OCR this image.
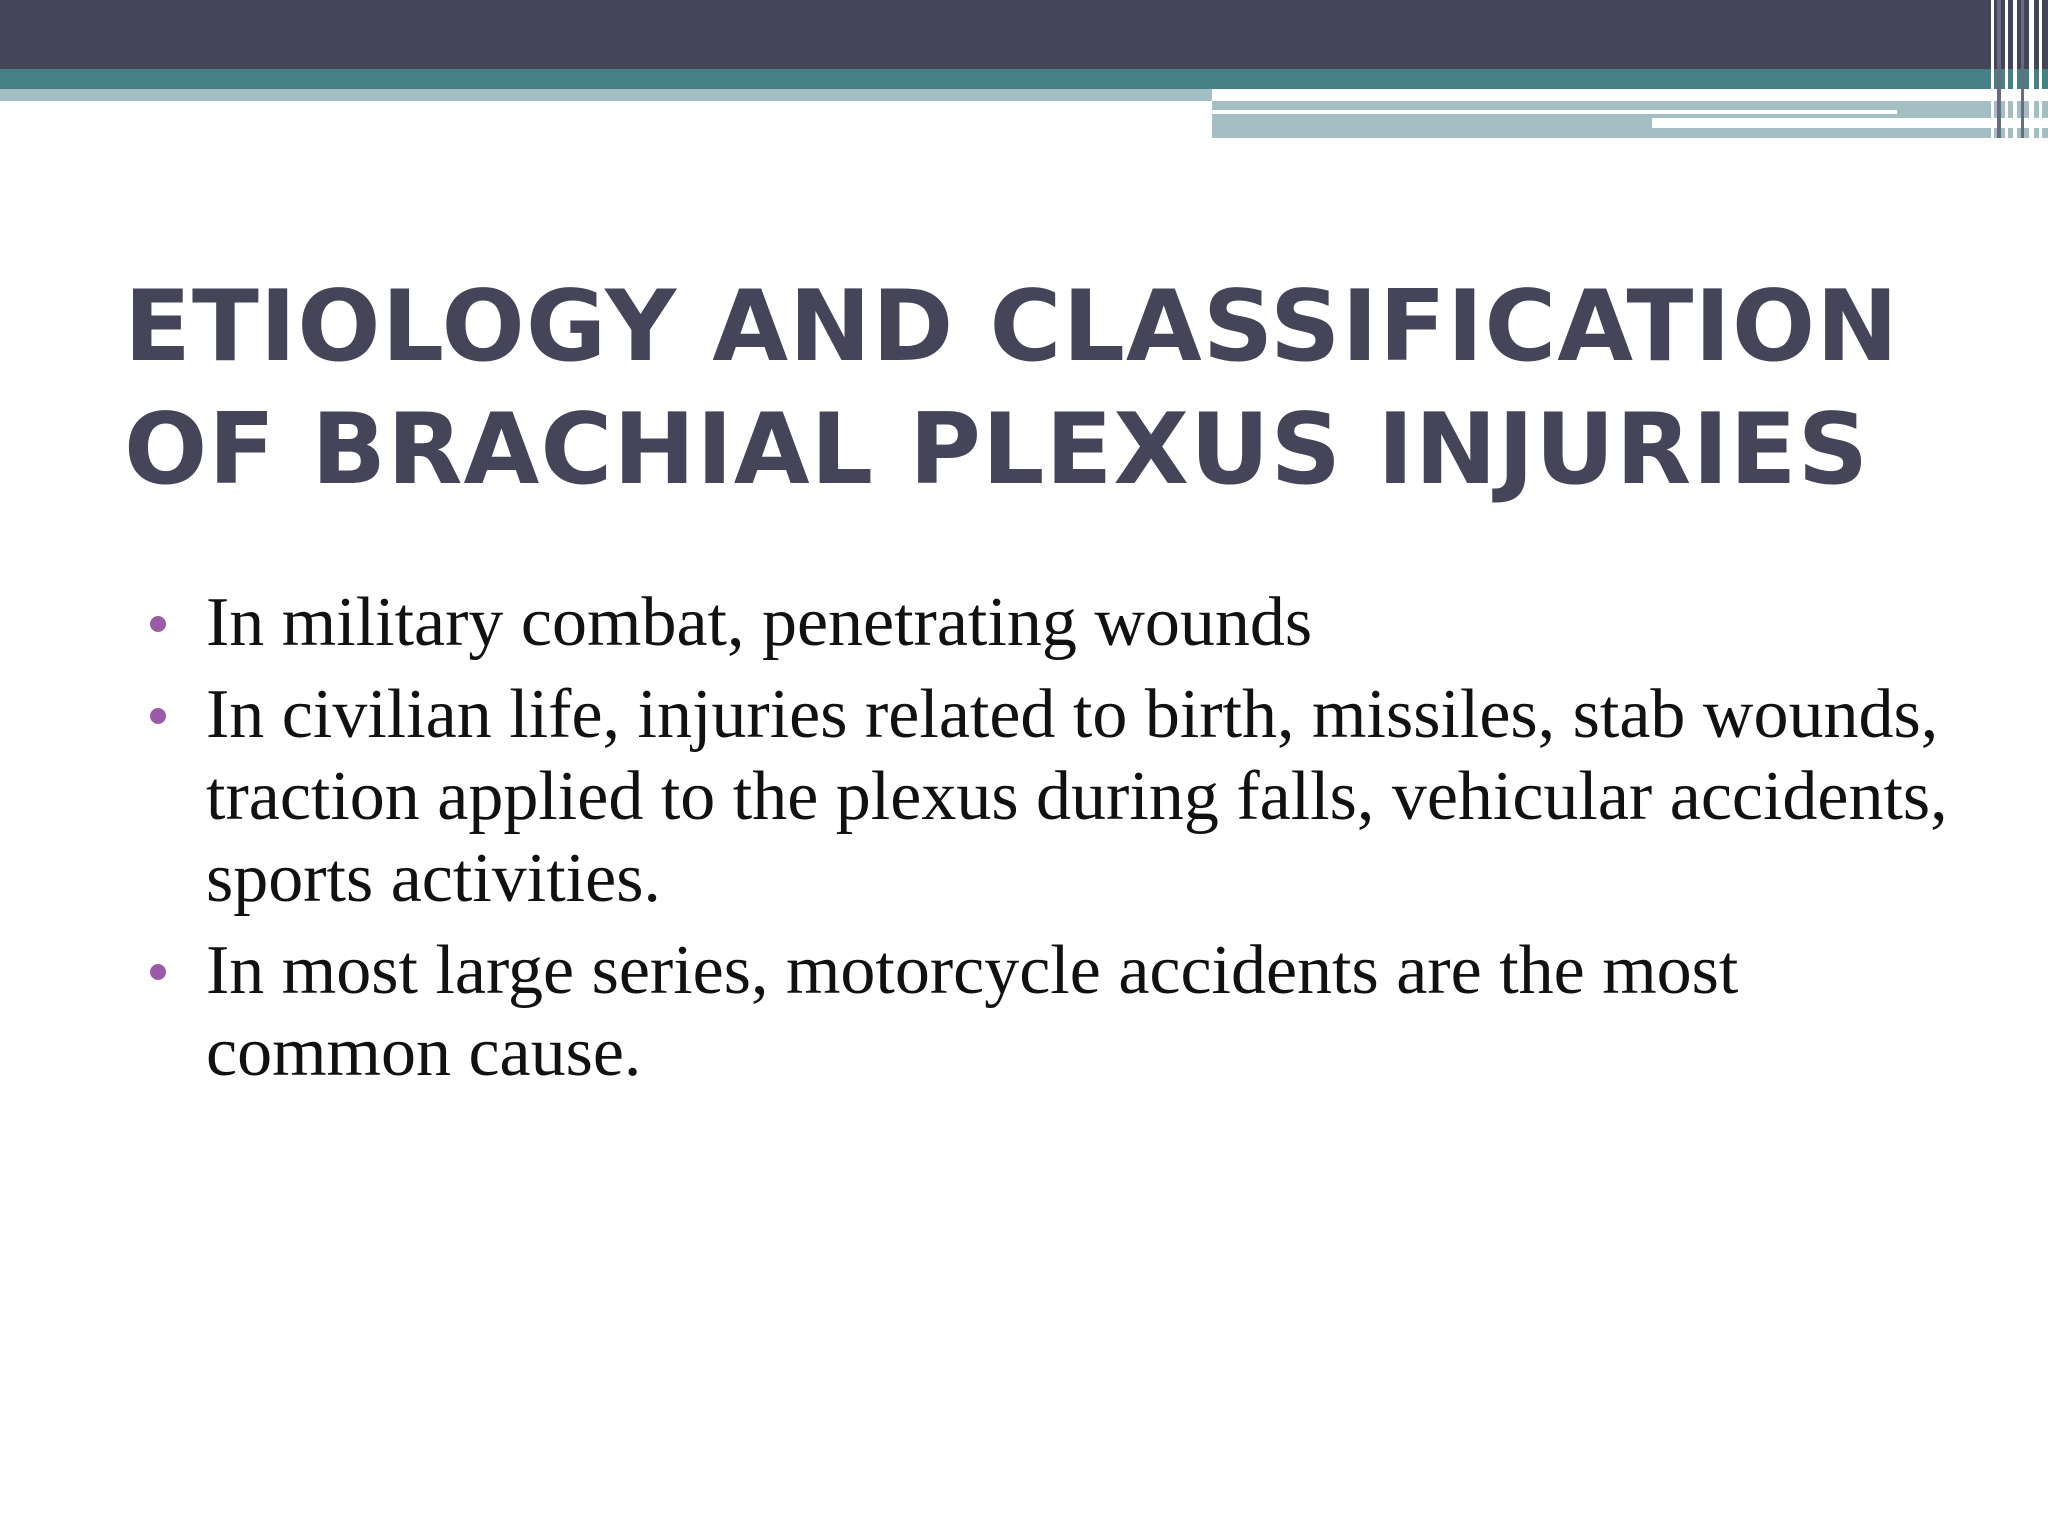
ETIOLOGY AND CLASSIFICATION
OF BRACHIAL PLEXUS INJURIES
In military combat, penetrating wounds
In civilian life, injuries related to birth, missiles, stab wounds, traction applied to the plexus during falls, vehicular accidents, sports activities.
In most large series, motorcycle accidents are the most common cause.
